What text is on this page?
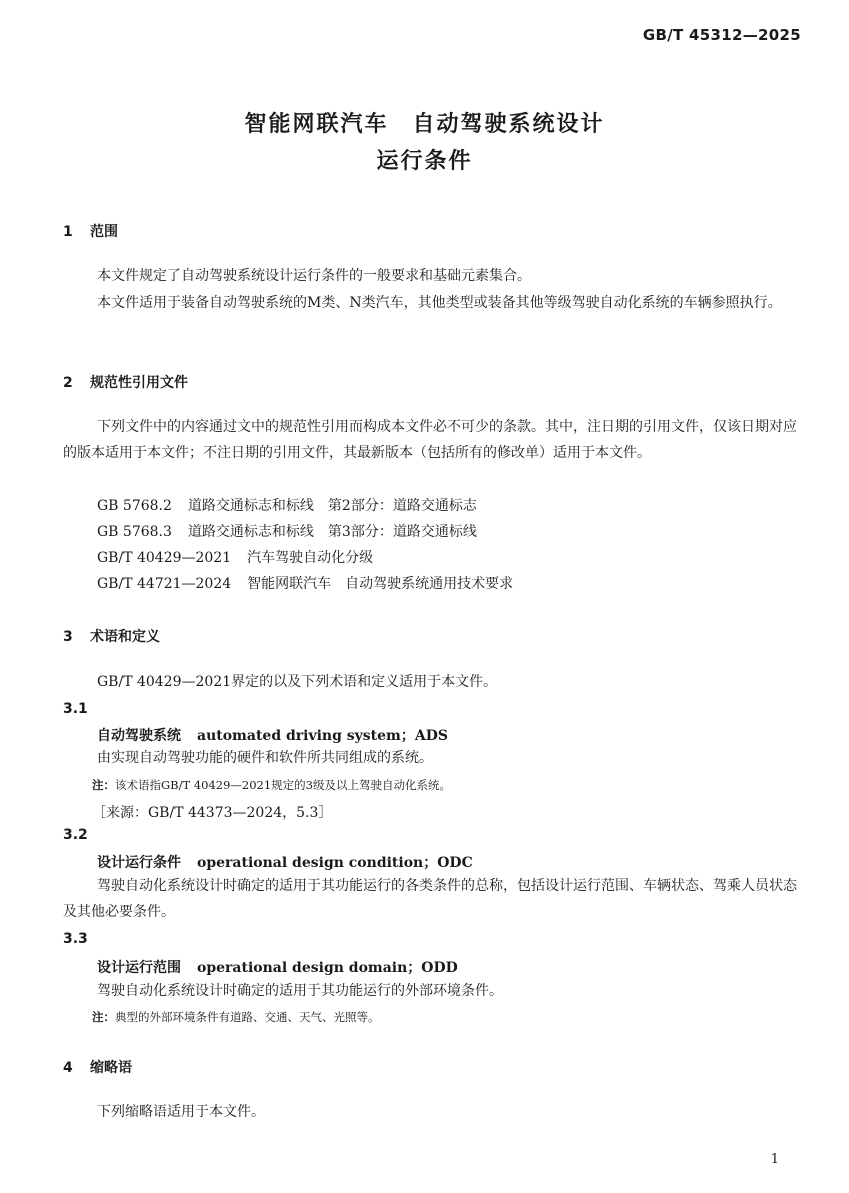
GB/T 45312—2025
智能网联汽车　自动驾驶系统设计
运行条件
1 范围
本文件规定了自动驾驶系统设计运行条件的一般要求和基础元素集合。
本文件适用于装备自动驾驶系统的M类、N类汽车，其他类型或装备其他等级驾驶自动化系统的车辆参照执行。
2 规范性引用文件
下列文件中的内容通过文中的规范性引用而构成本文件必不可少的条款。其中，注日期的引用文件，仅该日期对应的版本适用于本文件；不注日期的引用文件，其最新版本（包括所有的修改单）适用于本文件。
GB 5768.2 道路交通标志和标线　第2部分：道路交通标志
GB 5768.3 道路交通标志和标线　第3部分：道路交通标线
GB/T 40429—2021 汽车驾驶自动化分级
GB/T 44721—2024 智能网联汽车　自动驾驶系统通用技术要求
3 术语和定义
GB/T 40429—2021界定的以及下列术语和定义适用于本文件。
3.1
自动驾驶系统 automated driving system；ADS
由实现自动驾驶功能的硬件和软件所共同组成的系统。
注：该术语指GB/T 40429—2021规定的3级及以上驾驶自动化系统。
［来源：GB/T 44373—2024，5.3］
3.2
设计运行条件 operational design condition；ODC
驾驶自动化系统设计时确定的适用于其功能运行的各类条件的总称，包括设计运行范围、车辆状态、驾乘人员状态及其他必要条件。
3.3
设计运行范围 operational design domain；ODD
驾驶自动化系统设计时确定的适用于其功能运行的外部环境条件。
注：典型的外部环境条件有道路、交通、天气、光照等。
4 缩略语
下列缩略语适用于本文件。
1
